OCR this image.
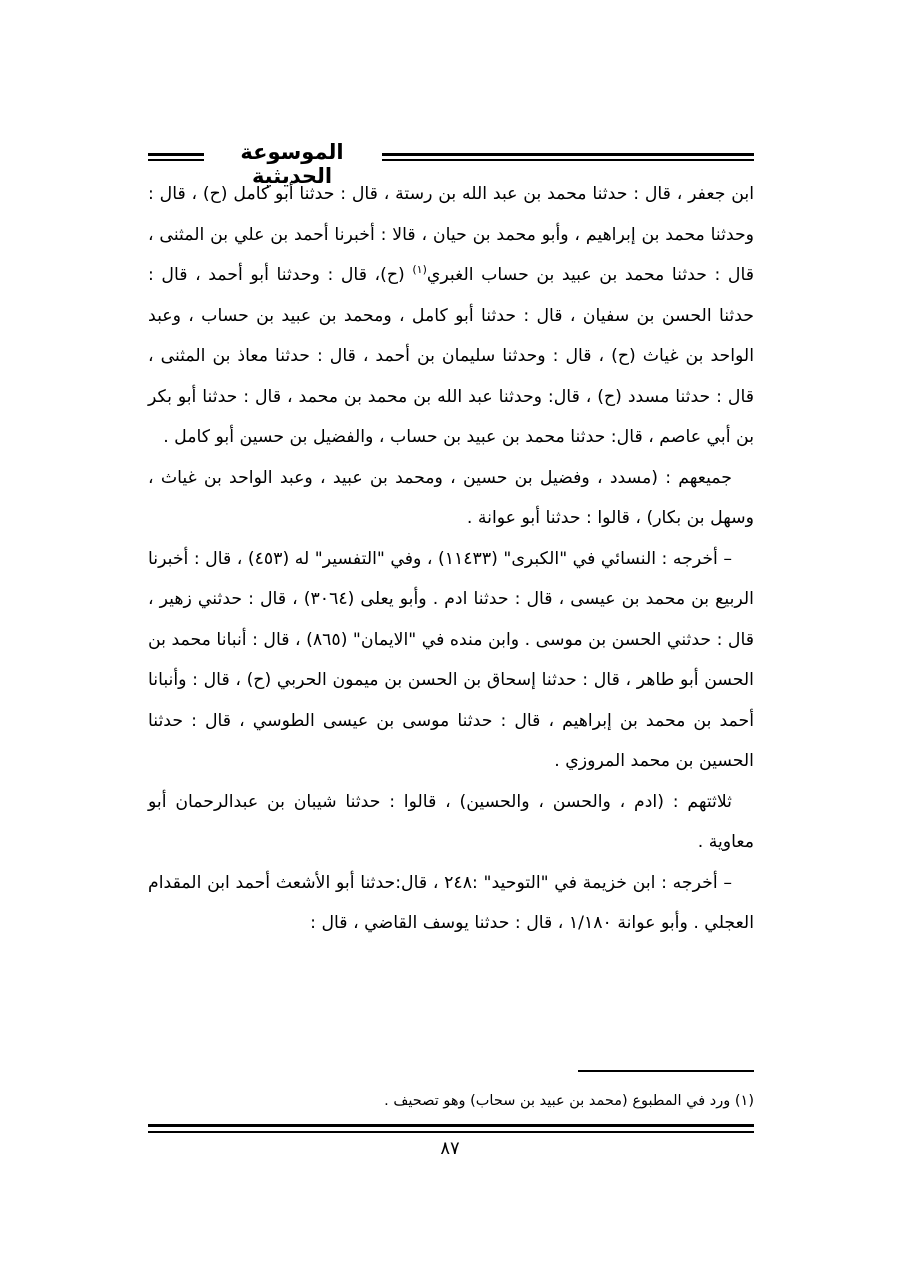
الموسوعة الحديثية

ابن جعفر ، قال : حدثنا محمد بن عبد الله بن رستة ، قال : حدثنا أبو كامل (ح) ، قال : وحدثنا محمد بن إبراهيم ، وأبو محمد بن حيان ، قالا : أخبرنا أحمد بن علي بن المثنى ، قال : حدثنا محمد بن عبيد بن حساب الغبري$^{(١)}$ (ح)، قال : وحدثنا أبو أحمد ، قال : حدثنا الحسن بن سفيان ، قال : حدثنا أبو كامل ، ومحمد بن عبيد بن حساب ، وعبد الواحد بن غياث (ح) ، قال : وحدثنا سليمان بن أحمد ، قال : حدثنا معاذ بن المثنى ، قال : حدثنا مسدد (ح) ، قال: وحدثنا عبد الله بن محمد بن محمد ، قال : حدثنا أبو بكر بن أبي عاصم ، قال: حدثنا محمد بن عبيد بن حساب ، والفضيل بن حسين أبو كامل .

جميعهم : (مسدد ، وفضيل بن حسين ، ومحمد بن عبيد ، وعبد الواحد بن غياث ، وسهل بن بكار) ، قالوا : حدثنا أبو عوانة .

– أخرجه : النسائي في "الكبرى" (١١٤٣٣) ، وفي "التفسير" له (٤٥٣) ، قال : أخبرنا الربيع بن محمد بن عيسى ، قال : حدثنا ادم . وأبو يعلى (٣٠٦٤) ، قال : حدثني زهير ، قال : حدثني الحسن بن موسى . وابن منده في "الايمان" (٨٦٥) ، قال : أنبانا محمد بن الحسن أبو طاهر ، قال : حدثنا إسحاق بن الحسن بن ميمون الحربي (ح) ، قال : وأنبانا أحمد بن محمد بن إبراهيم ، قال : حدثنا موسى بن عيسى الطوسي ، قال : حدثنا الحسين بن محمد المروزي .

ثلاثتهم : (ادم ، والحسن ، والحسين) ، قالوا : حدثنا شيبان بن عبدالرحمان أبو معاوية .

– أخرجه : ابن خزيمة في "التوحيد" :٢٤٨ ، قال:حدثنا أبو الأشعث أحمد ابن المقدام العجلي . وأبو عوانة ١/١٨٠ ، قال : حدثنا يوسف القاضي ، قال :

(١) ورد في المطبوع (محمد بن عبيد بن سحاب) وهو تصحيف .
٨٧
